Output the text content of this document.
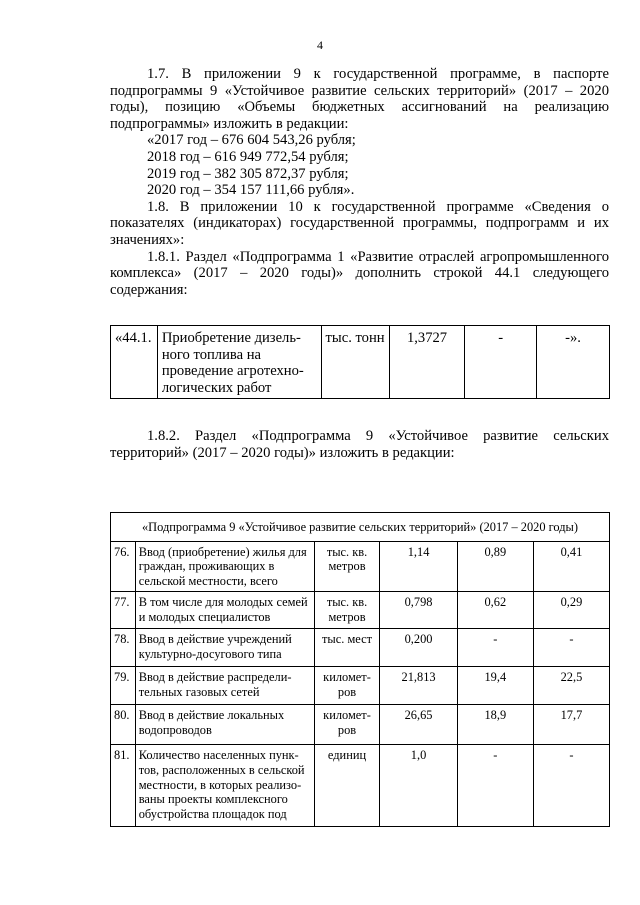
4

1.7. В приложении 9 к государственной программе, в паспорте подпрограммы 9 «Устойчивое развитие сельских территорий» (2017 – 2020 годы), позицию «Объемы бюджетных ассигнований на реализацию подпрограммы» изложить в редакции:

«2017 год – 676 604 543,26 рубля;

2018 год – 616 949 772,54 рубля;

2019 год – 382 305 872,37 рубля;

2020 год – 354 157 111,66 рубля».

1.8. В приложении 10 к государственной программе «Сведения о показателях (индикаторах) государственной программы, подпрограмм и их значениях»:

1.8.1. Раздел «Подпрограмма 1 «Развитие отраслей агропромышленного комплекса» (2017 – 2020 годы)» дополнить строкой 44.1 следующего содержания:

«44.1.	Приобретение дизель-
ного топлива на
проведение агротехно-
логических работ
	тыс. тонн	1,3727	-	-».

1.8.2. Раздел «Подпрограмма 9 «Устойчивое развитие сельских территорий» (2017 – 2020 годы)» изложить в редакции:

«Подпрограмма 9 «Устойчивое развитие сельских территорий» (2017 – 2020 годы)					
76.	Ввод (приобретение) жилья для граждан, проживающих в сельской местности, всего	тыс. кв. метров	1,14	0,89	0,41
77.	В том числе для молодых семей и молодых специалистов	тыс. кв. метров	0,798	0,62	0,29
78.	Ввод в действие учреждений культурно-досугового типа	тыс. мест	0,200	-	-
79.	Ввод в действие распредели-тельных газовых сетей	километ-ров	21,813	19,4	22,5
80.	Ввод в действие локальных водопроводов	километ-ров	26,65	18,9	17,7
81.	Количество населенных пунк-тов, расположенных в сельской местности, в которых реализо-ваны проекты комплексного обустройства площадок под	единиц	1,0	-	-
